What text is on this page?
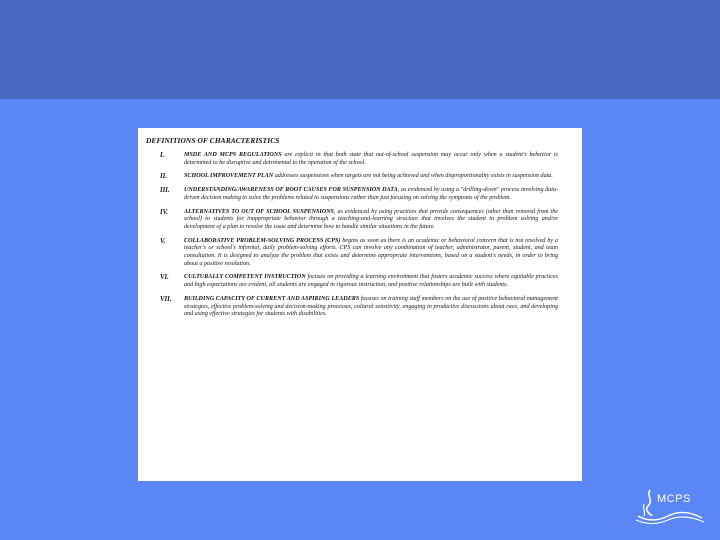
DEFINITIONS OF CHARACTERISTICS
I.	MSDE AND MCPS REGULATIONS are explicit in that both state that out-of-school suspension may occur only when a student's behavior is determined to be disruptive and detrimental to the operation of the school.
II.	SCHOOL IMPROVEMENT PLAN addresses suspensions when targets are not being achieved and when disproportionality exists in suspension data.
III.	UNDERSTANDING/AWARENESS OF ROOT CAUSES FOR SUSPENSION DATA, as evidenced by using a "drilling-down" process involving data-driven decision making to solve the problems related to suspensions rather than just focusing on solving the symptoms of the problem.
IV.	ALTERNATIVES TO OUT OF SCHOOL SUSPENSIONS, as evidenced by using practices that provide consequences (other than removal from the school) to students for inappropriate behavior through a teaching-and-learning structure that involves the student in problem solving and/or development of a plan to resolve the issue and determine how to handle similar situations in the future.
V.	COLLABORATIVE PROBLEM-SOLVING PROCESS (CPS) begins as soon as there is an academic or behavioral concern that is not resolved by a teacher's or school's informal, daily problem-solving efforts. CPS can involve any combination of teacher, administrator, parent, student, and team consultation. It is designed to analyze the problem that exists and determine appropriate interventions, based on a student's needs, in order to bring about a positive resolution.
VI.	CULTURALLY COMPETENT INSTRUCTION focuses on providing a learning environment that fosters academic success where equitable practices and high expectations are evident, all students are engaged in rigorous instruction, and positive relationships are built with students.
VII.	BUILDING CAPACITY OF CURRENT AND ASPIRING LEADERS focuses on training staff members on the use of positive behavioral management strategies, effective problem-solving and decision-making processes, cultural sensitivity, engaging in productive discussions about race, and developing and using effective strategies for students with disabilities.
MCPS
